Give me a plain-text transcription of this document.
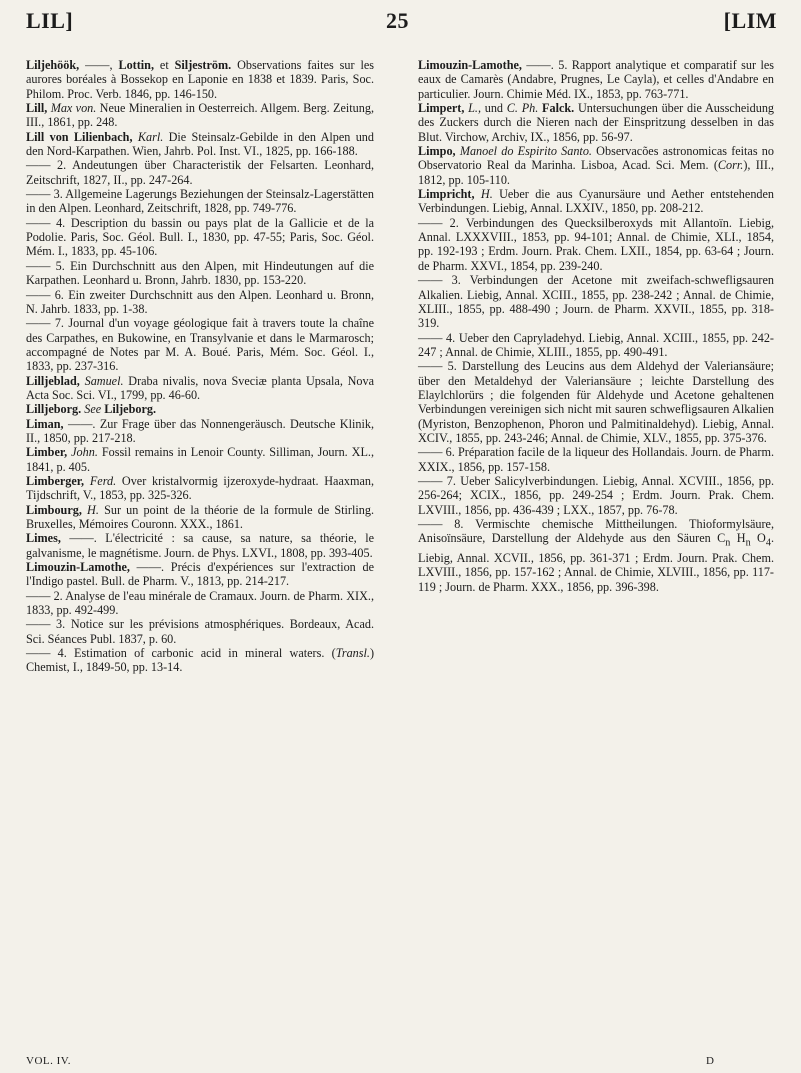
LIL]	25	[LIM

Liljehöök, ——, Lottin, et Siljeström. Observations faites sur les aurores boréales à Bossekop en Laponie en 1838 et 1839. Paris, Soc. Philom. Proc. Verb. 1846, pp. 146-150.

Lill, Max von. Neue Mineralien in Oesterreich. Allgem. Berg. Zeitung, III., 1861, pp. 248.

Lill von Lilienbach, Karl. Die Steinsalz-Gebilde in den Alpen und den Nord-Karpathen. Wien, Jahrb. Pol. Inst. VI., 1825, pp. 166-188.

—— 2. Andeutungen über Characteristik der Felsarten. Leonhard, Zeitschrift, 1827, II., pp. 247-264.

—— 3. Allgemeine Lagerungs Beziehungen der Steinsalz-Lagerstätten in den Alpen. Leonhard, Zeitschrift, 1828, pp. 749-776.

—— 4. Description du bassin ou pays plat de la Gallicie et de la Podolie. Paris, Soc. Géol. Bull. I., 1830, pp. 47-55; Paris, Soc. Géol. Mém. I., 1833, pp. 45-106.

—— 5. Ein Durchschnitt aus den Alpen, mit Hindeutungen auf die Karpathen. Leonhard u. Bronn, Jahrb. 1830, pp. 153-220.

—— 6. Ein zweiter Durchschnitt aus den Alpen. Leonhard u. Bronn, N. Jahrb. 1833, pp. 1-38.

—— 7. Journal d'un voyage géologique fait à travers toute la chaîne des Carpathes, en Bukowine, en Transylvanie et dans le Marmarosch; accompagné de Notes par M. A. Boué. Paris, Mém. Soc. Géol. I., 1833, pp. 237-316.

Lilljeblad, Samuel. Draba nivalis, nova Sveciæ planta Upsala, Nova Acta Soc. Sci. VI., 1799, pp. 46-60.

Lilljeborg. See Liljeborg.

Liman, ——. Zur Frage über das Nonnengeräusch. Deutsche Klinik, II., 1850, pp. 217-218.

Limber, John. Fossil remains in Lenoir County. Silliman, Journ. XL., 1841, p. 405.

Limberger, Ferd. Over kristalvormig ijzeroxyde-hydraat. Haaxman, Tijdschrift, V., 1853, pp. 325-326.

Limbourg, H. Sur un point de la théorie de la formule de Stirling. Bruxelles, Mémoires Couronn. XXX., 1861.

Limes, ——. L'électricité : sa cause, sa nature, sa théorie, le galvanisme, le magnétisme. Journ. de Phys. LXVI., 1808, pp. 393-405.

Limouzin-Lamothe, ——. Précis d'expériences sur l'extraction de l'Indigo pastel. Bull. de Pharm. V., 1813, pp. 214-217.

—— 2. Analyse de l'eau minérale de Cramaux. Journ. de Pharm. XIX., 1833, pp. 492-499.

—— 3. Notice sur les prévisions atmosphériques. Bordeaux, Acad. Sci. Séances Publ. 1837, p. 60.

—— 4. Estimation of carbonic acid in mineral waters. (Transl.) Chemist, I., 1849-50, pp. 13-14.

Limouzin-Lamothe, ——. 5. Rapport analytique et comparatif sur les eaux de Camarès (Andabre, Prugnes, Le Cayla), et celles d'Andabre en particulier. Journ. Chimie Méd. IX., 1853, pp. 763-771.

Limpert, L., und C. Ph. Falck. Untersuchungen über die Ausscheidung des Zuckers durch die Nieren nach der Einspritzung desselben in das Blut. Virchow, Archiv, IX., 1856, pp. 56-97.

Limpo, Manoel do Espirito Santo. Observacões astronomicas feitas no Observatorio Real da Marinha. Lisboa, Acad. Sci. Mem. (Corr.), III., 1812, pp. 105-110.

Limpricht, H. Ueber die aus Cyanursäure und Aether entstehenden Verbindungen. Liebig, Annal. LXXIV., 1850, pp. 208-212.

—— 2. Verbindungen des Quecksilberoxyds mit Allantoïn. Liebig, Annal. LXXXVIII., 1853, pp. 94-101; Annal. de Chimie, XLI., 1854, pp. 192-193 ; Erdm. Journ. Prak. Chem. LXII., 1854, pp. 63-64 ; Journ. de Pharm. XXVI., 1854, pp. 239-240.

—— 3. Verbindungen der Acetone mit zweifach-schwefligsauren Alkalien. Liebig, Annal. XCIII., 1855, pp. 238-242 ; Annal. de Chimie, XLIII., 1855, pp. 488-490 ; Journ. de Pharm. XXVII., 1855, pp. 318-319.

—— 4. Ueber den Capryladehyd. Liebig, Annal. XCIII., 1855, pp. 242-247 ; Annal. de Chimie, XLIII., 1855, pp. 490-491.

—— 5. Darstellung des Leucins aus dem Aldehyd der Valeriansäure; über den Metaldehyd der Valeriansäure ; leichte Darstellung des Elaylchlorürs ; die folgenden für Aldehyde und Acetone gehaltenen Verbindungen vereinigen sich nicht mit sauren schwefligsauren Alkalien (Myriston, Benzophenon, Phoron und Palmitinaldehyd). Liebig, Annal. XCIV., 1855, pp. 243-246; Annal. de Chimie, XLV., 1855, pp. 375-376.

—— 6. Préparation facile de la liqueur des Hollandais. Journ. de Pharm. XXIX., 1856, pp. 157-158.

—— 7. Ueber Salicylverbindungen. Liebig, Annal. XCVIII., 1856, pp. 256-264; XCIX., 1856, pp. 249-254 ; Erdm. Journ. Prak. Chem. LXVIII., 1856, pp. 436-439 ; LXX., 1857, pp. 76-78.

—— 8. Vermischte chemische Mittheilungen. Thioformylsäure, Anisoïnsäure, Darstellung der Aldehyde aus den Säuren $C_n$ $H_n$ $O_4$. Liebig, Annal. XCVII., 1856, pp. 361-371 ; Erdm. Journ. Prak. Chem. LXVIII., 1856, pp. 157-162 ; Annal. de Chimie, XLVIII., 1856, pp. 117-119 ; Journ. de Pharm. XXX., 1856, pp. 396-398.

VOL. IV.	D
